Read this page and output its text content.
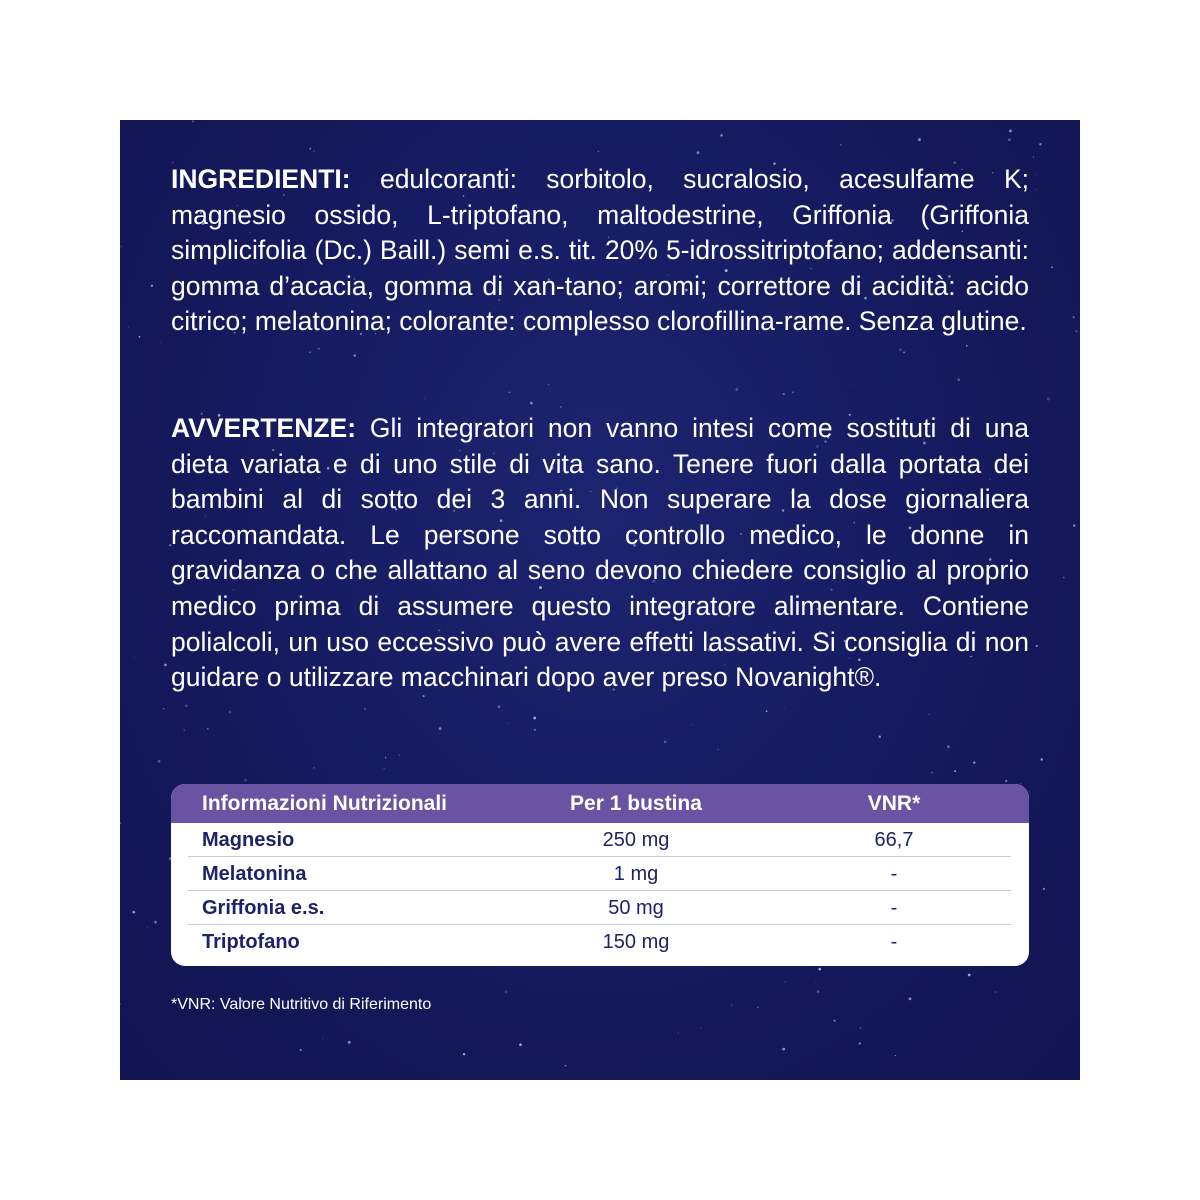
INGREDIENTI: edulcoranti: sorbitolo, sucralosio, acesulfame K; magnesio ossido, L-triptofano, maltodestrine, Griffonia (Griffonia simplicifolia (Dc.) Baill.) semi e.s. tit. 20% 5-idrossitriptofano; addensanti: gomma d’acacia, gomma di xan-tano; aromi; correttore di acidità: acido citrico; melatonina; colorante: complesso clorofillina-rame. Senza glutine.

AVVERTENZE: Gli integratori non vanno intesi come sostituti di una dieta variata e di uno stile di vita sano. Tenere fuori dalla portata dei bambini al di sotto dei 3 anni. Non superare la dose giornaliera raccomandata. Le persone sotto controllo medico, le donne in gravidanza o che allattano al seno devono chiedere consiglio al proprio medico prima di assumere questo integratore alimentare. Contiene polialcoli, un uso eccessivo può avere effetti lassativi. Si consiglia di non guidare o utilizzare macchinari dopo aver preso Novanight®.

Informazioni Nutrizionali	Per 1 bustina	VNR*
Magnesio	250 mg	66,7
Melatonina	1 mg	-
Griffonia e.s.	50 mg	-
Triptofano	150 mg	-
*VNR: Valore Nutritivo di Riferimento
